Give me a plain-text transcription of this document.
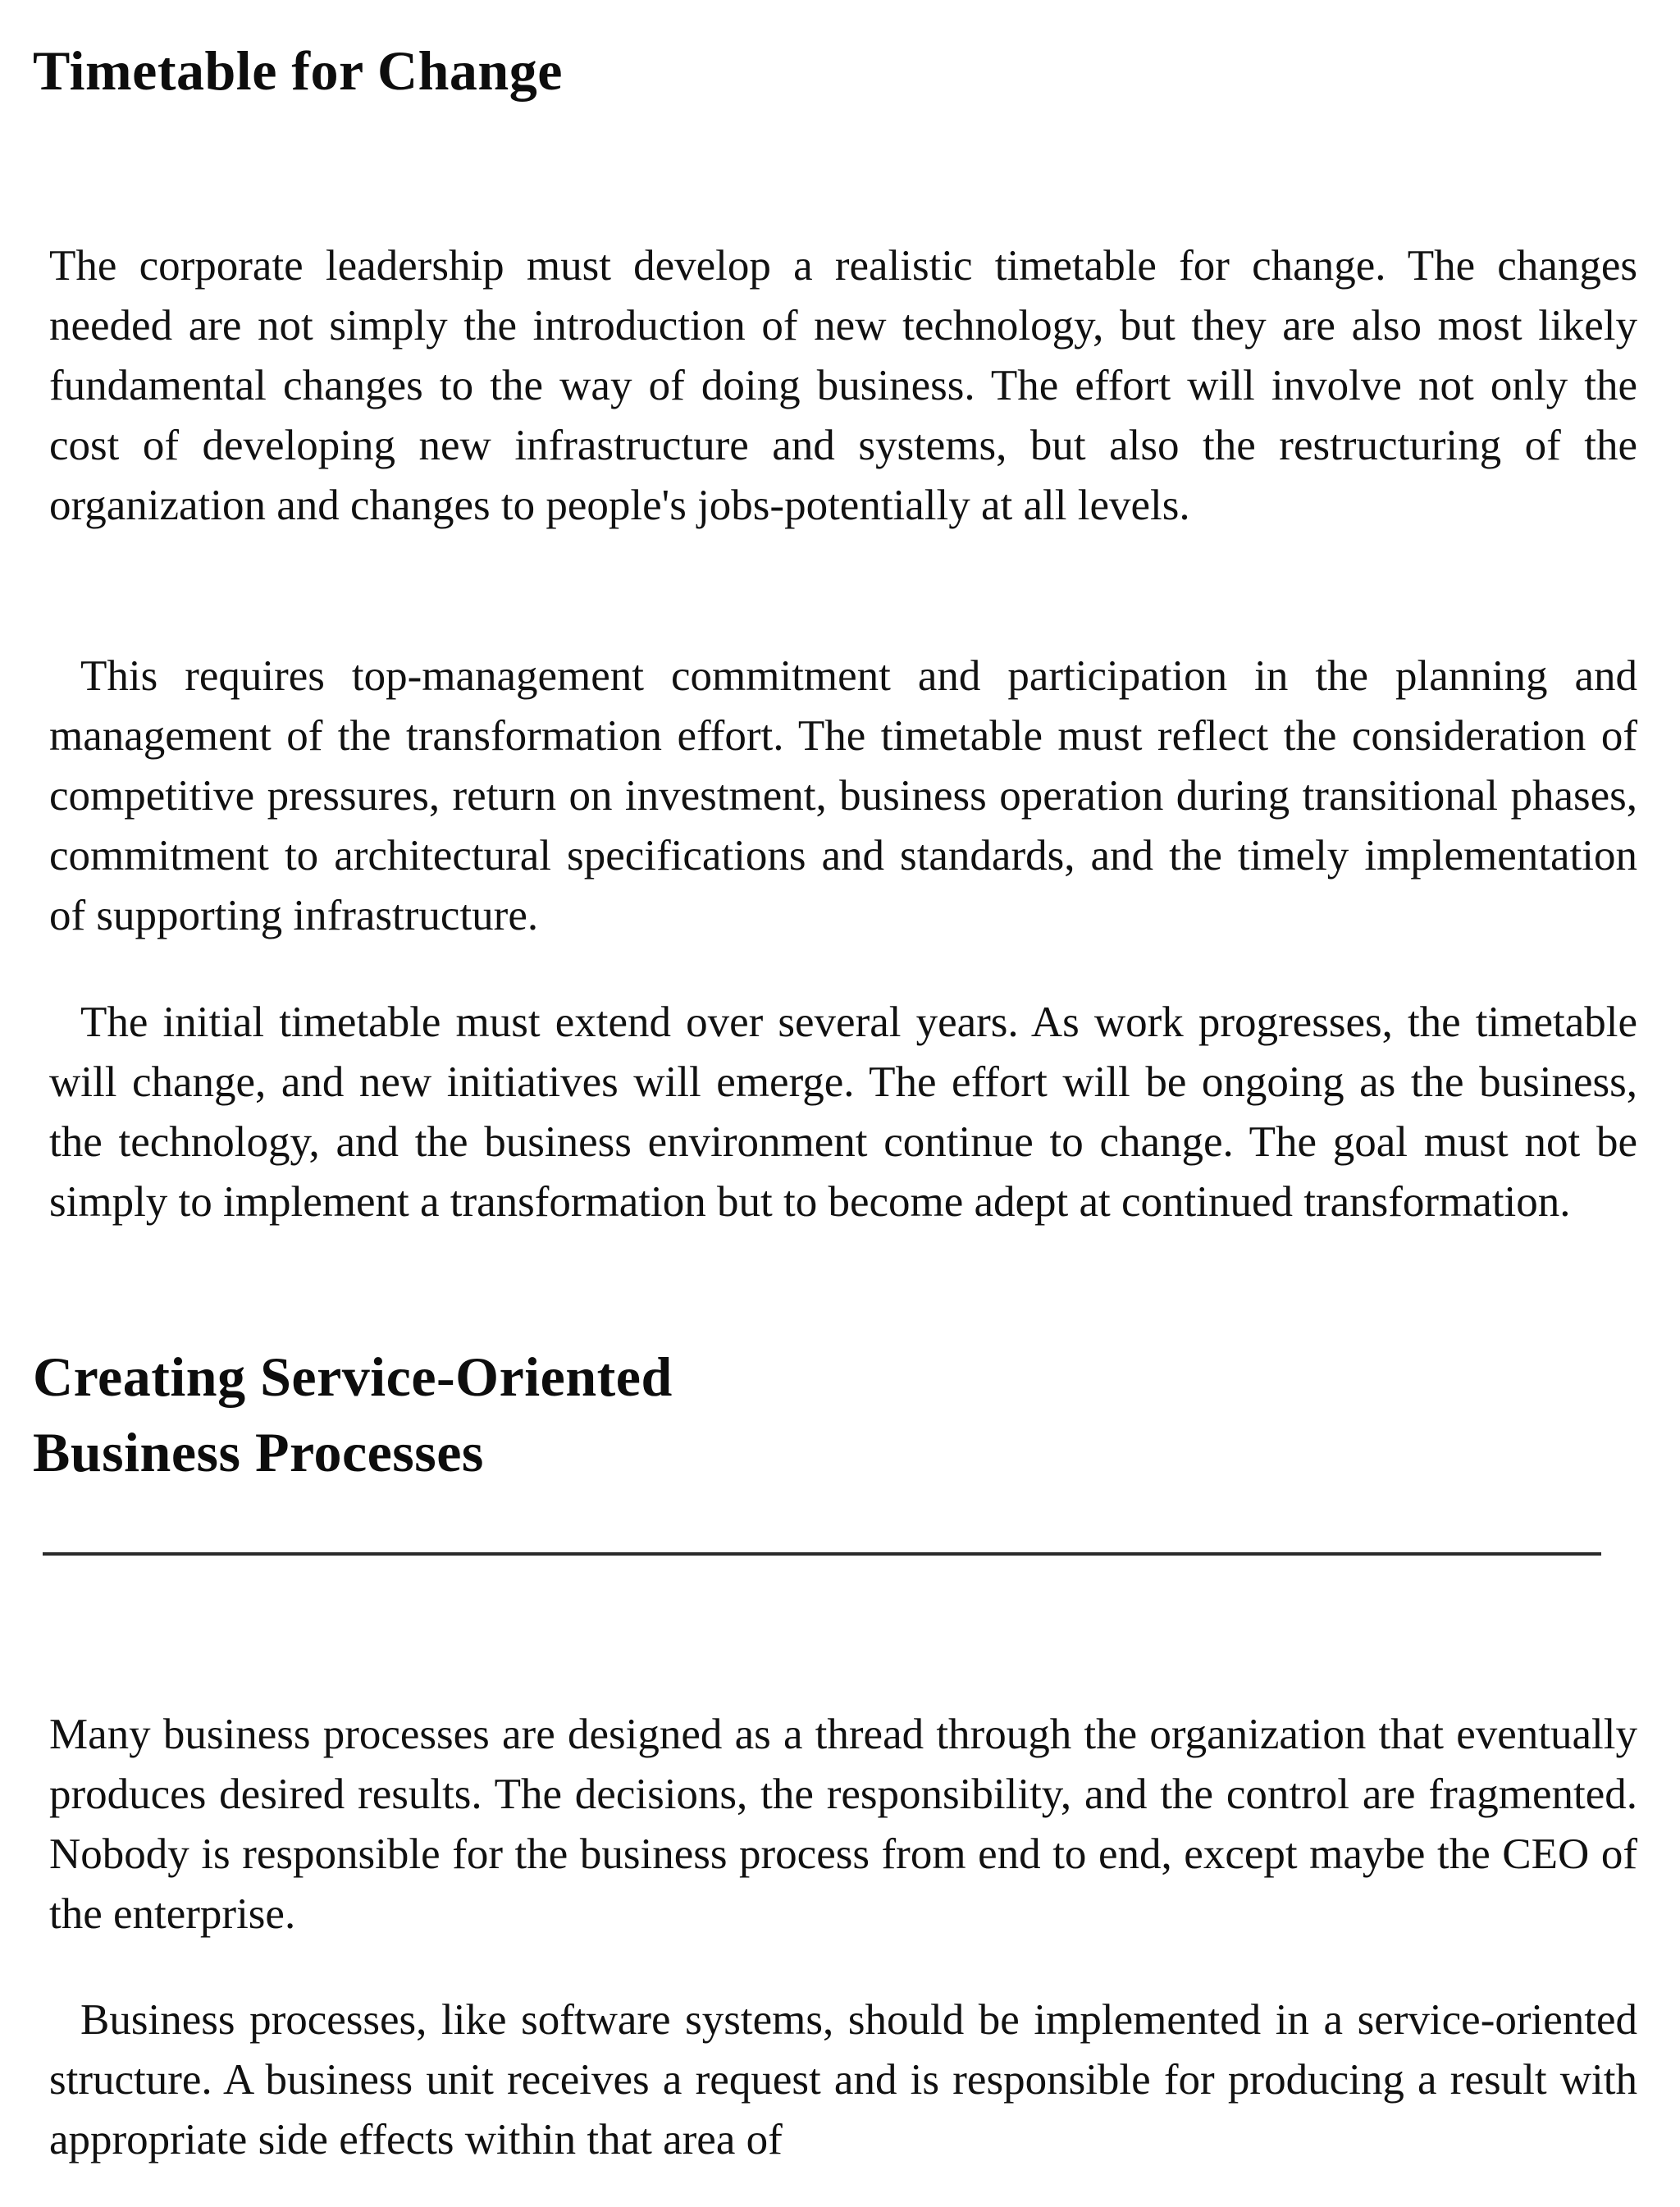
Timetable for Change

The corporate leadership must develop a realistic timetable for change. The changes needed are not simply the introduction of new technology, but they are also most likely fundamental changes to the way of doing business. The effort will involve not only the cost of developing new infrastructure and systems, but also the restructuring of the organization and changes to people's jobs-potentially at all levels.

This requires top-management commitment and participation in the planning and management of the transformation effort. The timetable must reflect the consideration of competitive pressures, return on investment, business operation during transitional phases, commitment to architectural specifications and standards, and the timely implementation of supporting infrastructure.

The initial timetable must extend over several years. As work progresses, the timetable will change, and new initiatives will emerge. The effort will be ongoing as the business, the technology, and the business environment continue to change. The goal must not be simply to implement a transformation but to become adept at continued transformation.

Creating Service-Oriented
Business Processes

Many business processes are designed as a thread through the organization that eventually produces desired results. The decisions, the responsibility, and the control are fragmented. Nobody is responsible for the business process from end to end, except maybe the CEO of the enterprise.

Business processes, like software systems, should be implemented in a service-oriented structure. A business unit receives a request and is responsible for producing a result with appropriate side effects within that area of
